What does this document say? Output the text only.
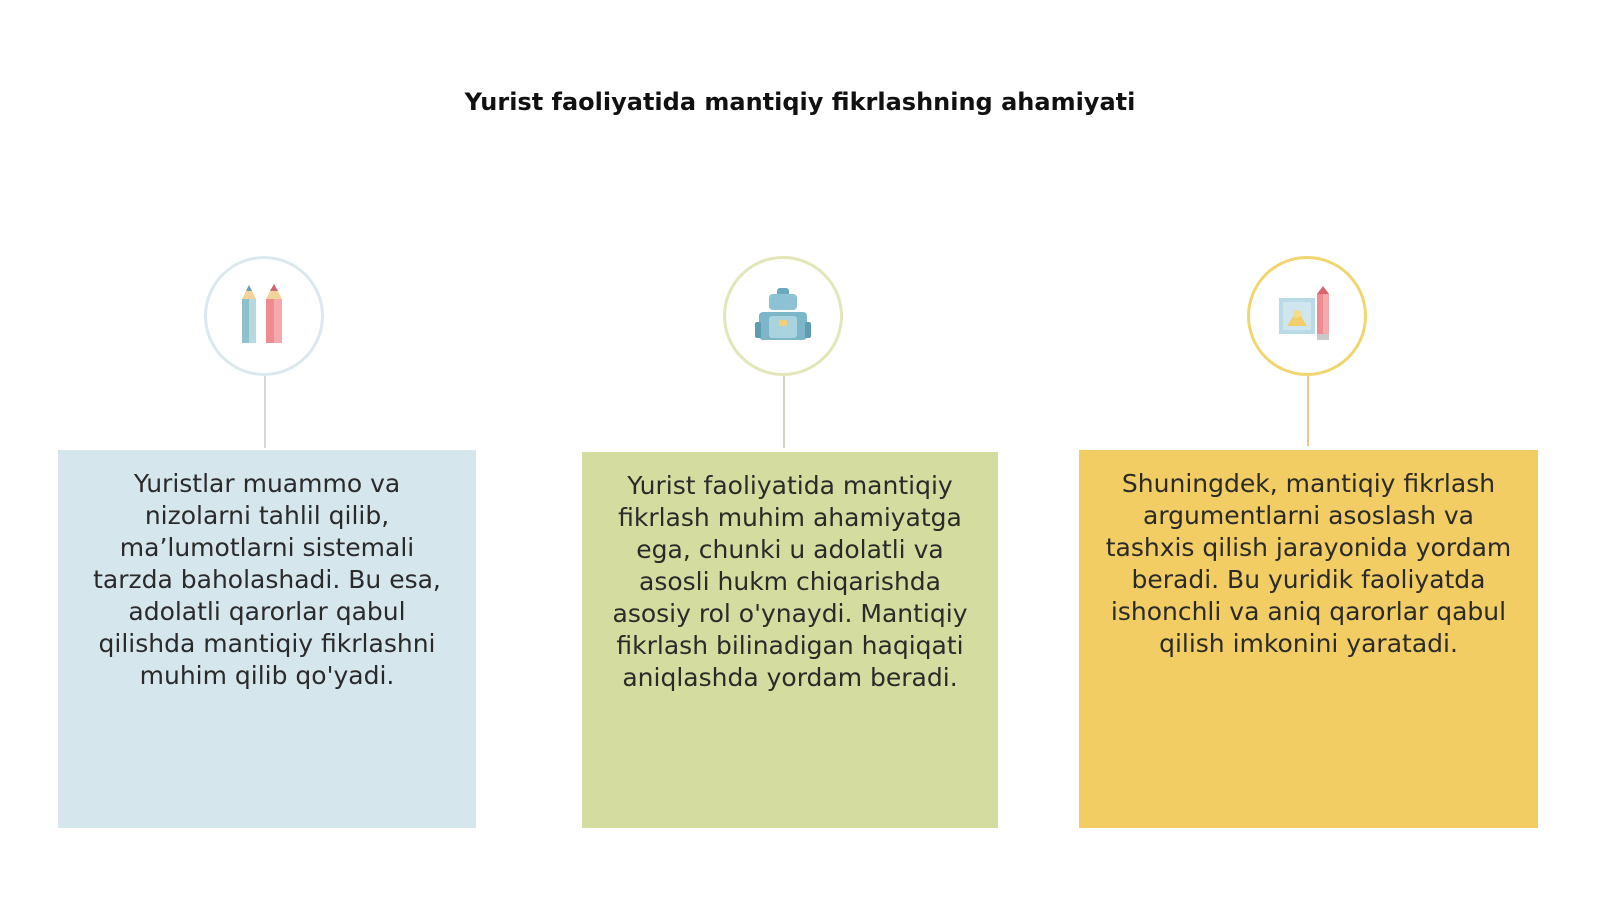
Yurist faoliyatida mantiqiy fikrlashning ahamiyati
Yuristlar muammo va nizolarni tahlil qilib, ma’lumotlarni sistemali tarzda baholashadi. Bu esa, adolatli qarorlar qabul qilishda mantiqiy fikrlashni muhim qilib qo'yadi.
Yurist faoliyatida mantiqiy fikrlash muhim ahamiyatga ega, chunki u adolatli va asosli hukm chiqarishda asosiy rol o'ynaydi. Mantiqiy fikrlash bilinadigan haqiqati aniqlashda yordam beradi.
Shuningdek, mantiqiy fikrlash argumentlarni asoslash va tashxis qilish jarayonida yordam beradi. Bu yuridik faoliyatda ishonchli va aniq qarorlar qabul qilish imkonini yaratadi.
